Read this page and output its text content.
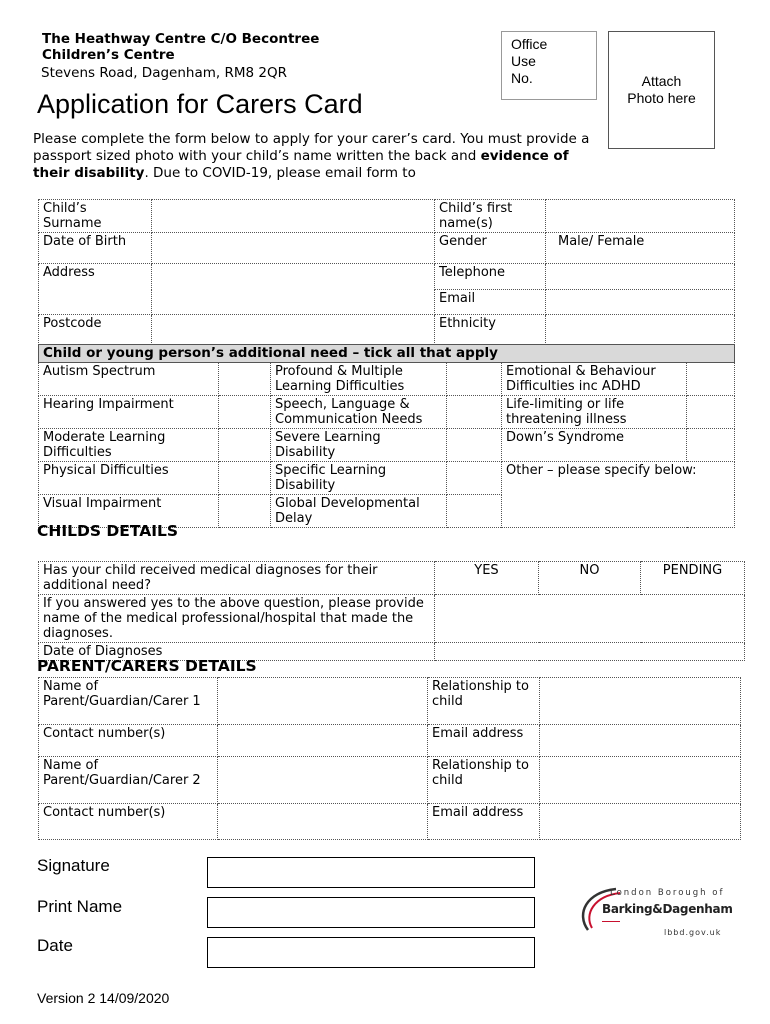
The Heathway Centre C/O Becontree
Children’s Centre
Stevens Road, Dagenham, RM8 2QR
Office
Use
No.	Attach
Photo here
Application for Carers Card
Please complete the form below to apply for your carer’s card. You must provide a passport sized photo with your child’s name written the back and evidence of their disability. Due to COVID-19, please email form to
Child’s Surname		Child’s first name(s)	
Date of Birth		Gender	Male/ Female
Address		Telephone	
		Email	
Postcode		Ethnicity	
Child or young person’s additional need – tick all that apply					
Autism Spectrum		Profound & Multiple Learning Difficulties		Emotional & Behaviour Difficulties inc ADHD	
Hearing Impairment		Speech, Language & Communication Needs		Life-limiting or life threatening illness	
Moderate Learning Difficulties		Severe Learning Disability		Down’s Syndrome	
Physical Difficulties		Specific Learning Disability		Other – please specify below:	
Visual Impairment		Global Developmental Delay			
CHILDS DETAILS
Has your child received medical diagnoses for their additional need?	YES	NO	PENDING
If you answered yes to the above question, please provide name of the medical professional/hospital that made the diagnoses.			
Date of Diagnoses			
PARENT/CARERS DETAILS
Name of Parent/Guardian/Carer 1		Relationship to child	
Contact number(s)		Email address	
Name of Parent/Guardian/Carer 2		Relationship to child	
Contact number(s)		Email address	
Signature
Print Name
Date
London Borough of
Barking&Dagenham
lbbd.gov.uk
Version 2 14/09/2020
